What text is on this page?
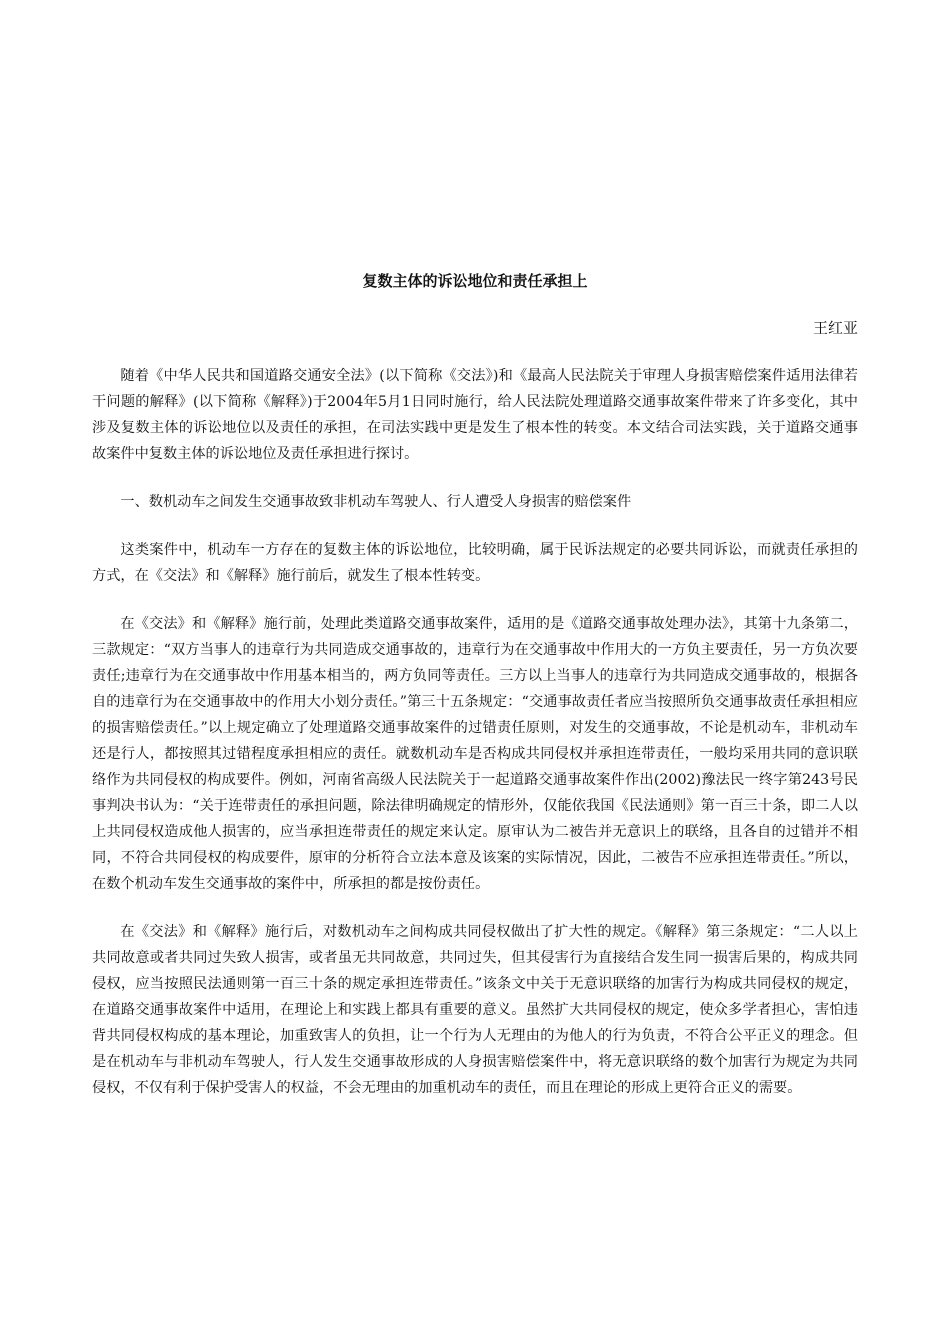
复数主体的诉讼地位和责任承担上

王红亚

随着《中华人民共和国道路交通安全法》(以下简称《交法》)和《最高人民法院关于审理人身损害赔偿案件适用法律若干问题的解释》(以下简称《解释》)于2004年5月1日同时施行，给人民法院处理道路交通事故案件带来了许多变化，其中涉及复数主体的诉讼地位以及责任的承担，在司法实践中更是发生了根本性的转变。本文结合司法实践，关于道路交通事故案件中复数主体的诉讼地位及责任承担进行探讨。

一、数机动车之间发生交通事故致非机动车驾驶人、行人遭受人身损害的赔偿案件

这类案件中，机动车一方存在的复数主体的诉讼地位，比较明确，属于民诉法规定的必要共同诉讼，而就责任承担的方式，在《交法》和《解释》施行前后，就发生了根本性转变。

在《交法》和《解释》施行前，处理此类道路交通事故案件，适用的是《道路交通事故处理办法》，其第十九条第二，三款规定：“双方当事人的违章行为共同造成交通事故的，违章行为在交通事故中作用大的一方负主要责任，另一方负次要责任;违章行为在交通事故中作用基本相当的，两方负同等责任。三方以上当事人的违章行为共同造成交通事故的，根据各自的违章行为在交通事故中的作用大小划分责任。”第三十五条规定：“交通事故责任者应当按照所负交通事故责任承担相应的损害赔偿责任。”以上规定确立了处理道路交通事故案件的过错责任原则，对发生的交通事故，不论是机动车，非机动车还是行人，都按照其过错程度承担相应的责任。就数机动车是否构成共同侵权并承担连带责任，一般均采用共同的意识联络作为共同侵权的构成要件。例如，河南省高级人民法院关于一起道路交通事故案件作出(2002)豫法民一终字第243号民事判决书认为：“关于连带责任的承担问题，除法律明确规定的情形外，仅能依我国《民法通则》第一百三十条，即二人以上共同侵权造成他人损害的，应当承担连带责任的规定来认定。原审认为二被告并无意识上的联络，且各自的过错并不相同，不符合共同侵权的构成要件，原审的分析符合立法本意及该案的实际情况，因此，二被告不应承担连带责任。”所以，在数个机动车发生交通事故的案件中，所承担的都是按份责任。

在《交法》和《解释》施行后，对数机动车之间构成共同侵权做出了扩大性的规定。《解释》第三条规定：“二人以上共同故意或者共同过失致人损害，或者虽无共同故意，共同过失，但其侵害行为直接结合发生同一损害后果的，构成共同侵权，应当按照民法通则第一百三十条的规定承担连带责任。”该条文中关于无意识联络的加害行为构成共同侵权的规定，在道路交通事故案件中适用，在理论上和实践上都具有重要的意义。虽然扩大共同侵权的规定，使众多学者担心，害怕违背共同侵权构成的基本理论，加重致害人的负担，让一个行为人无理由的为他人的行为负责，不符合公平正义的理念。但是在机动车与非机动车驾驶人，行人发生交通事故形成的人身损害赔偿案件中，将无意识联络的数个加害行为规定为共同侵权，不仅有利于保护受害人的权益，不会无理由的加重机动车的责任，而且在理论的形成上更符合正义的需要。
